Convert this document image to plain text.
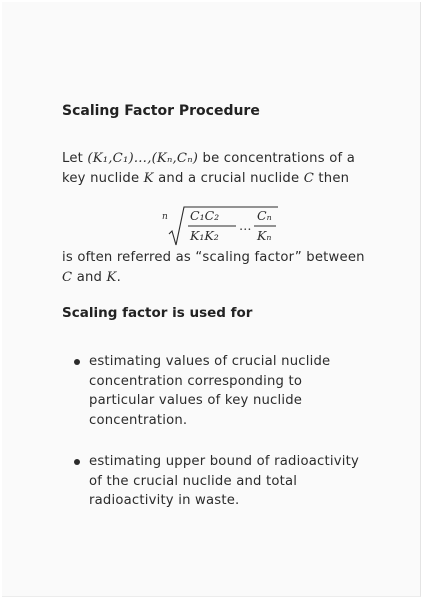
Scaling Factor Procedure

Let (K₁,C₁)…,(Kₙ,Cₙ) be concentrations of a key nuclide K and a crucial nuclide C then

n C₁C₂
K₁K₂
…
Cₙ
Kₙ

is often referred as “scaling factor” between C and K.

Scaling factor is used for
estimating values of crucial nuclide concentration corresponding to particular values of key nuclide concentration.
estimating upper bound of radioactivity of the crucial nuclide and total radioactivity in waste.
